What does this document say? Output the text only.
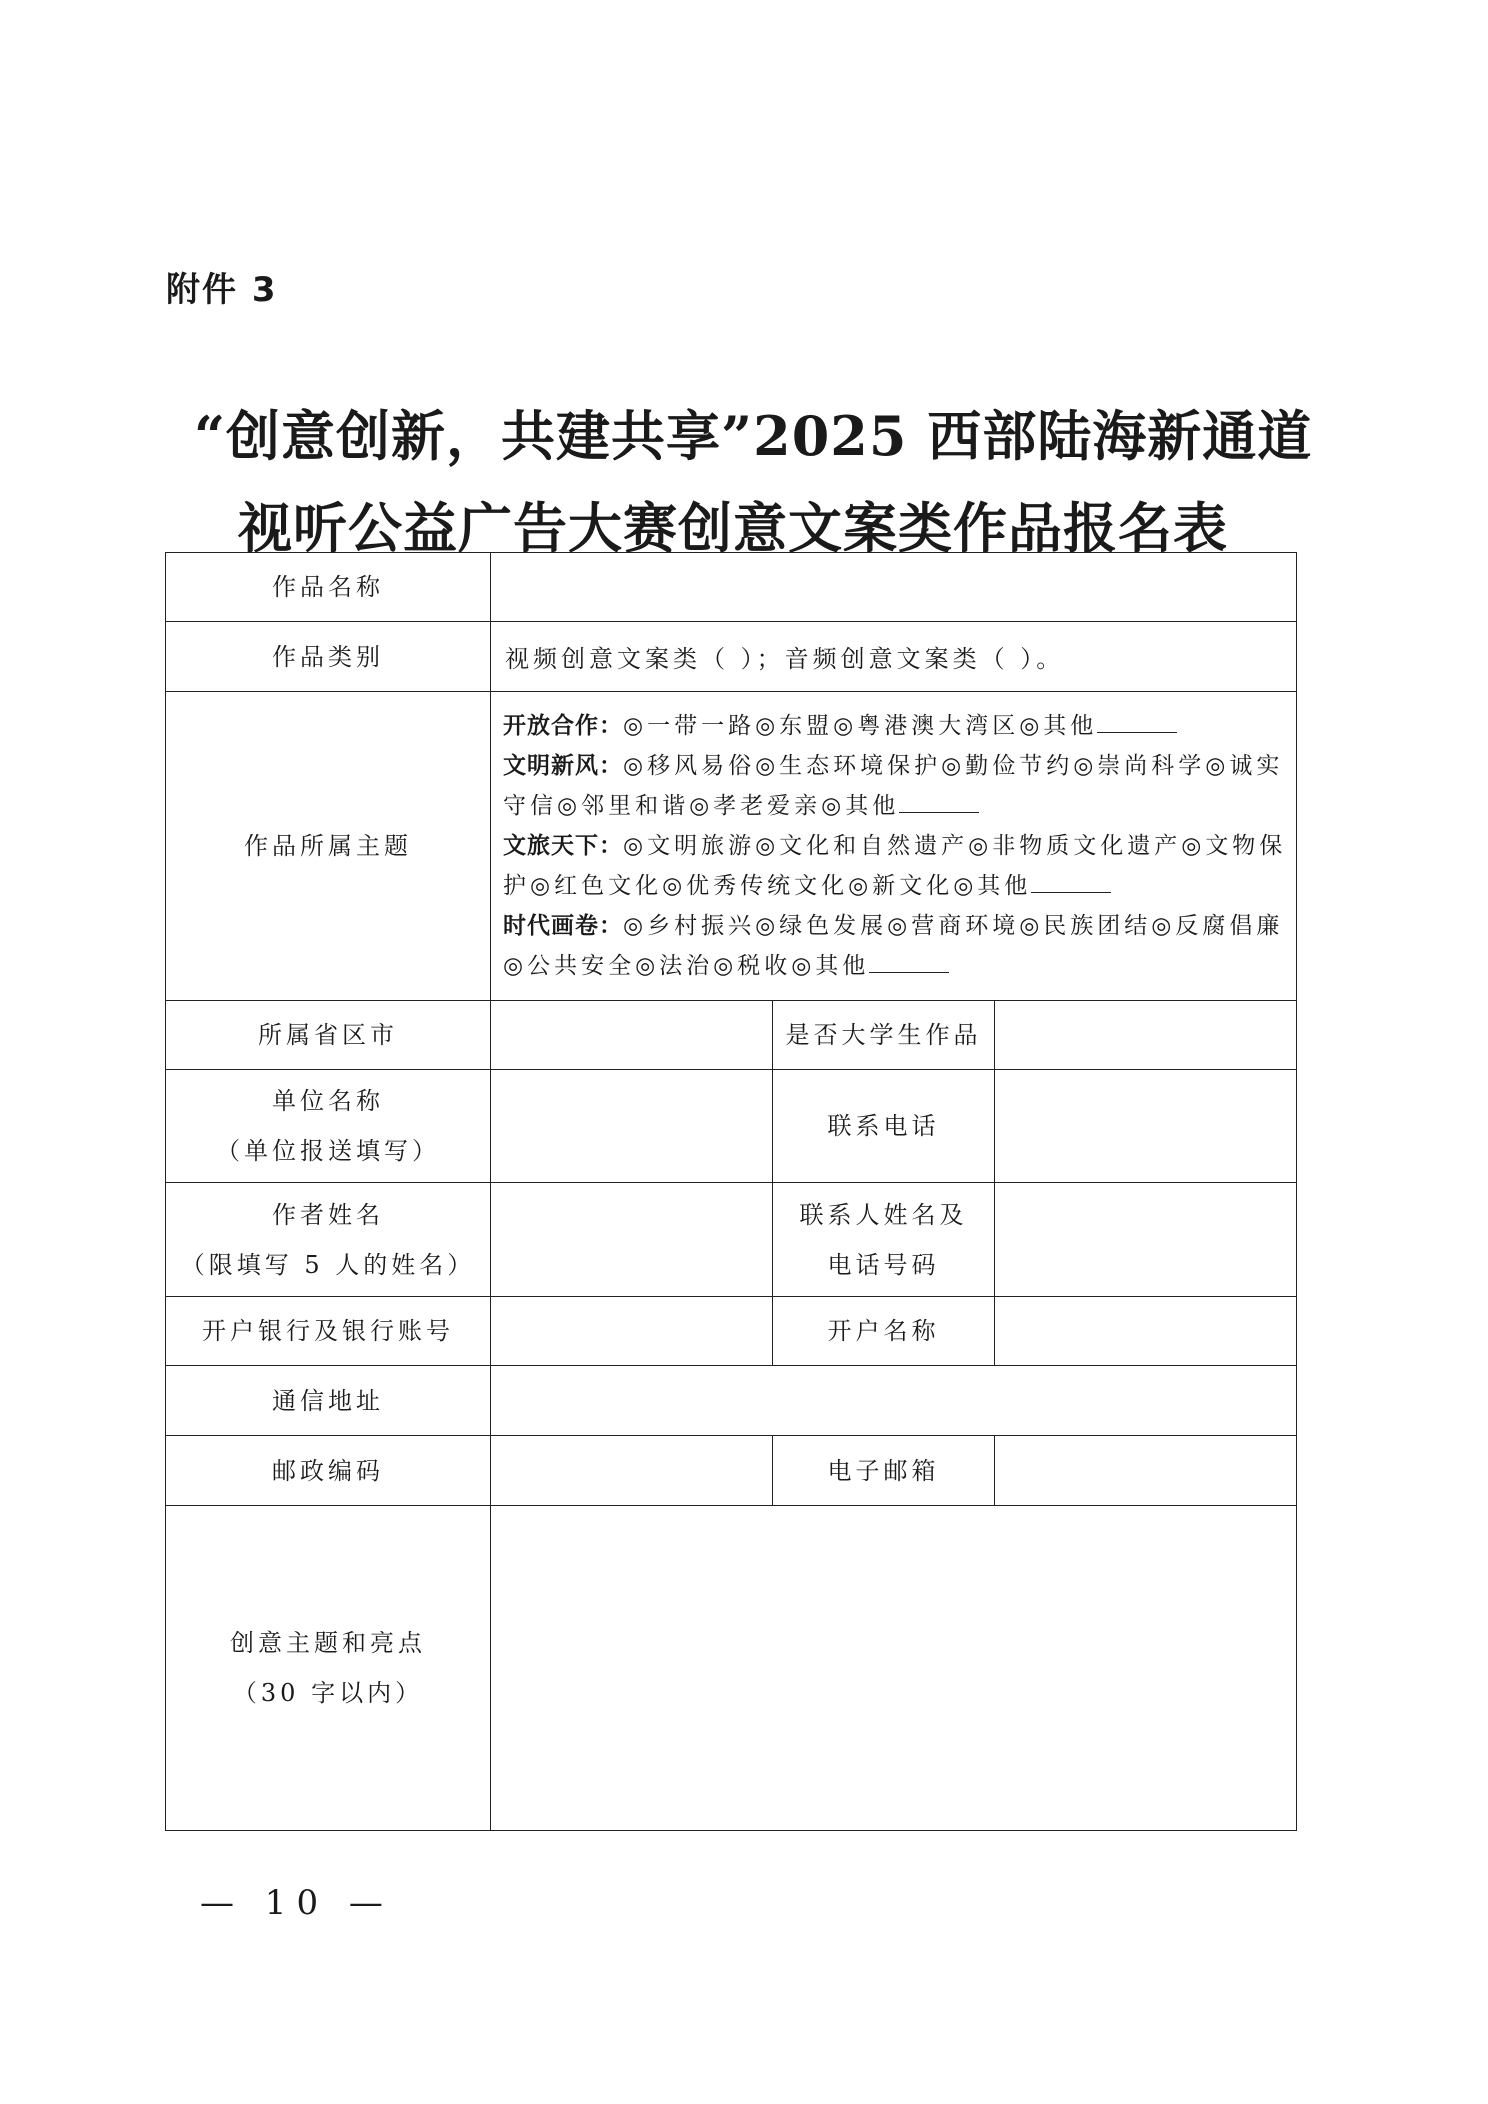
附件 3
“创意创新，共建共享”2025 西部陆海新通道
视听公益广告大赛创意文案类作品报名表
作品名称			
作品类别	视频创意文案类（ ）；音频创意文案类（ ）。		
作品所属主题	开放合作：◎一带一路◎东盟◎粤港澳大湾区◎其他
文明新风：◎移风易俗◎生态环境保护◎勤俭节约◎崇尚科学◎诚实守信◎邻里和谐◎孝老爱亲◎其他
文旅天下：◎文明旅游◎文化和自然遗产◎非物质文化遗产◎文物保护◎红色文化◎优秀传统文化◎新文化◎其他
时代画卷：◎乡村振兴◎绿色发展◎营商环境◎民族团结◎反腐倡廉◎公共安全◎法治◎税收◎其他		

所属省区市		是否大学生作品	

单位名称
（单位报送填写）		联系电话	

作者姓名
（限填写 5 人的姓名）		联系人姓名及
电话号码	

开户银行及银行账号		开户名称	
通信地址			
邮政编码		电子邮箱	

创意主题和亮点
（30 字以内）			

— 10 —
